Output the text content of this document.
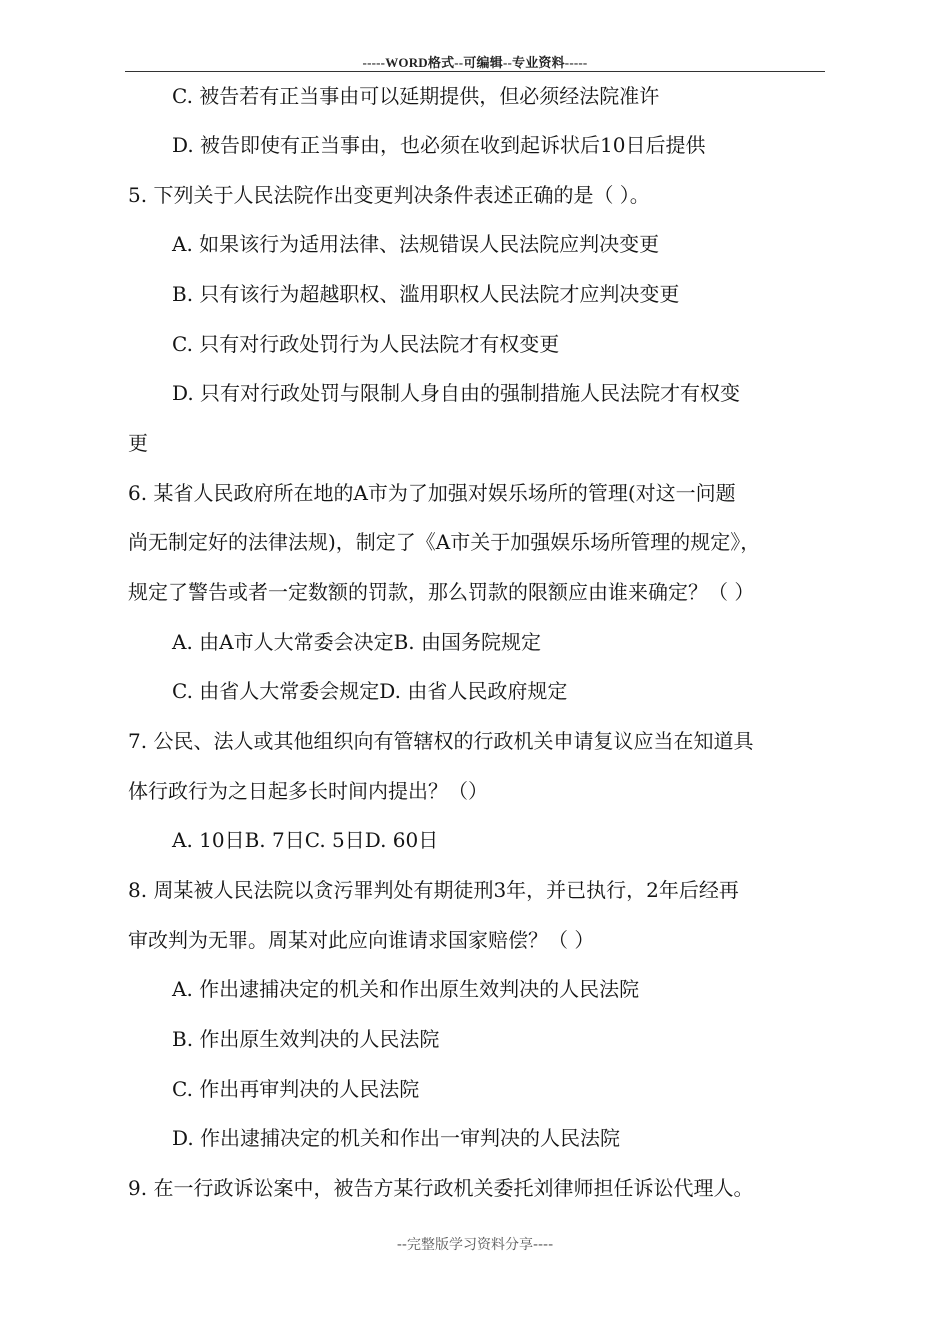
-----WORD格式--可编辑--专业资料-----
C. 被告若有正当事由可以延期提供，但必须经法院准许
D. 被告即使有正当事由，也必须在收到起诉状后10日后提供
5. 下列关于人民法院作出变更判决条件表述正确的是（ ）。
A. 如果该行为适用法律、法规错误人民法院应判决变更
B. 只有该行为超越职权、滥用职权人民法院才应判决变更
C. 只有对行政处罚行为人民法院才有权变更
D. 只有对行政处罚与限制人身自由的强制措施人民法院才有权变
更
6. 某省人民政府所在地的A市为了加强对娱乐场所的管理(对这一问题
尚无制定好的法律法规)，制定了《A市关于加强娱乐场所管理的规定》，
规定了警告或者一定数额的罚款，那么罚款的限额应由谁来确定？（ ）
A. 由A市人大常委会决定B. 由国务院规定
C. 由省人大常委会规定D. 由省人民政府规定
7. 公民、法人或其他组织向有管辖权的行政机关申请复议应当在知道具
体行政行为之日起多长时间内提出？（）
A. 10日B. 7日C. 5日D. 60日
8. 周某被人民法院以贪污罪判处有期徒刑3年，并已执行，2年后经再
审改判为无罪。周某对此应向谁请求国家赔偿？（ ）
A. 作出逮捕决定的机关和作出原生效判决的人民法院
B. 作出原生效判决的人民法院
C. 作出再审判决的人民法院
D. 作出逮捕决定的机关和作出一审判决的人民法院
9. 在一行政诉讼案中，被告方某行政机关委托刘律师担任诉讼代理人。
--完整版学习资料分享----
